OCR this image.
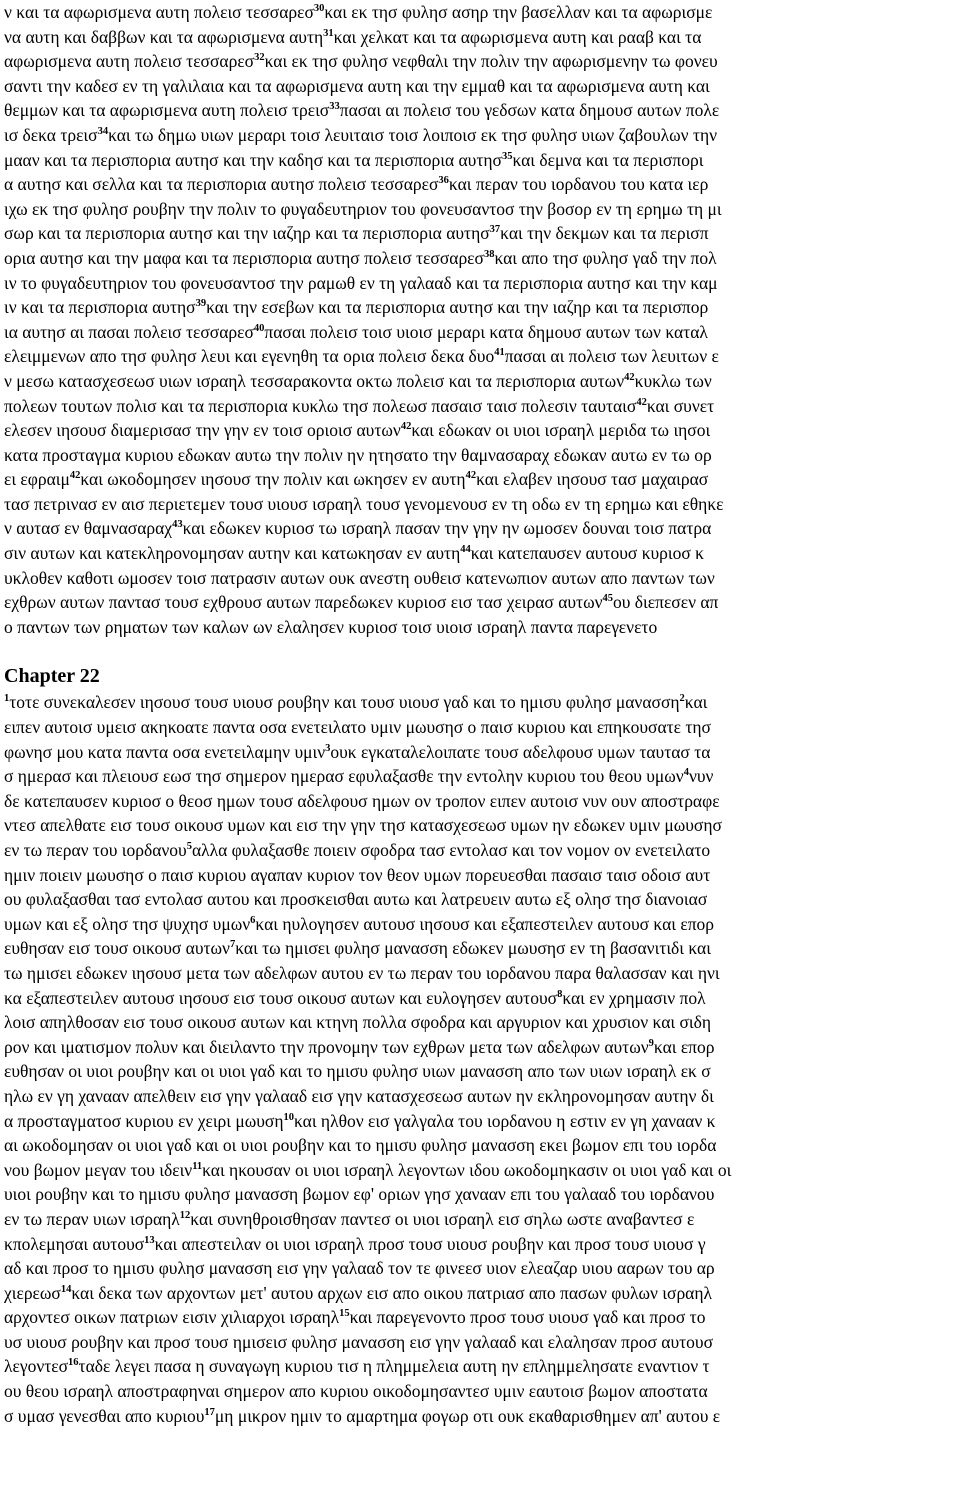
ν και τα αφωρισμενα αυτη πολεισ τεσσαρεσ$^{30}$και εκ τησ φυλησ ασηρ την βασελλαν και τα αφωρισμε
να αυτη και δαββων και τα αφωρισμενα αυτη$^{31}$και χελκατ και τα αφωρισμενα αυτη και ρααβ και τα
αφωρισμενα αυτη πολεισ τεσσαρεσ$^{32}$και εκ τησ φυλησ νεφθαλι την πολιν την αφωρισμενην τω φονευ
σαντι την καδεσ εν τη γαλιλαια και τα αφωρισμενα αυτη και την εμμαθ και τα αφωρισμενα αυτη και
θεμμων και τα αφωρισμενα αυτη πολεισ τρεισ$^{33}$πασαι αι πολεισ του γεδσων κατα δημουσ αυτων πολε
ισ δεκα τρεισ$^{34}$και τω δημω υιων μεραρι τοισ λευιταισ τοισ λοιποισ εκ τησ φυλησ υιων ζαβουλων την
μααν και τα περισπορια αυτησ και την καδησ και τα περισπορια αυτησ$^{35}$και δεμνα και τα περισπορι
α αυτησ και σελλα και τα περισπορια αυτησ πολεισ τεσσαρεσ$^{36}$και περαν του ιορδανου του κατα ιερ
ιχω εκ τησ φυλησ ρουβην την πολιν το φυγαδευτηριον του φονευσαντοσ την βοσορ εν τη ερημω τη μι
σωρ και τα περισπορια αυτησ και την ιαζηρ και τα περισπορια αυτησ$^{37}$και την δεκμων και τα περισπ
ορια αυτησ και την μαφα και τα περισπορια αυτησ πολεισ τεσσαρεσ$^{38}$και απο τησ φυλησ γαδ την πολ
ιν το φυγαδευτηριον του φονευσαντοσ την ραμωθ εν τη γαλααδ και τα περισπορια αυτησ και την καμ
ιν και τα περισπορια αυτησ$^{39}$και την εσεβων και τα περισπορια αυτησ και την ιαζηρ και τα περισπορ
ια αυτησ αι πασαι πολεισ τεσσαρεσ$^{40}$πασαι πολεισ τοισ υιοισ μεραρι κατα δημουσ αυτων των καταλ
ελειμμενων απο τησ φυλησ λευι και εγενηθη τα ορια πολεισ δεκα δυο$^{41}$πασαι αι πολεισ των λευιτων ε
ν μεσω κατασχεσεωσ υιων ισραηλ τεσσαρακοντα οκτω πολεισ και τα περισπορια αυτων$^{42}$κυκλω των
πολεων τουτων πολισ και τα περισπορια κυκλω τησ πολεωσ πασαισ ταισ πολεσιν ταυταισ$^{42}$και συνετ
ελεσεν ιησουσ διαμερισασ την γην εν τοισ οριοισ αυτων$^{42}$και εδωκαν οι υιοι ισραηλ μεριδα τω ιησοι
κατα προσταγμα κυριου εδωκαν αυτω την πολιν ην ητησατο την θαμνασαραχ εδωκαν αυτω εν τω ορ
ει εφραιμ$^{42}$και ωκοδομησεν ιησουσ την πολιν και ωκησεν εν αυτη$^{42}$και ελαβεν ιησουσ τασ μαχαιρασ
τασ πετρινασ εν αισ περιετεμεν τουσ υιουσ ισραηλ τουσ γενομενουσ εν τη οδω εν τη ερημω και εθηκε
ν αυτασ εν θαμνασαραχ$^{43}$και εδωκεν κυριοσ τω ισραηλ πασαν την γην ην ωμοσεν δουναι τοισ πατρα
σιν αυτων και κατεκληρονομησαν αυτην και κατωκησαν εν αυτη$^{44}$και κατεπαυσεν αυτουσ κυριοσ κ
υκλοθεν καθοτι ωμοσεν τοισ πατρασιν αυτων ουκ ανεστη ουθεισ κατενωπιον αυτων απο παντων των
εχθρων αυτων παντασ τουσ εχθρουσ αυτων παρεδωκεν κυριοσ εισ τασ χειρασ αυτων$^{45}$ου διεπεσεν απ
ο παντων των ρηματων των καλων ων ελαλησεν κυριοσ τοισ υιοισ ισραηλ παντα παρεγενετο
Chapter 22
$^1$τοτε συνεκαλεσεν ιησουσ τουσ υιουσ ρουβην και τουσ υιουσ γαδ και το ημισυ φυλησ μανασση$^2$και
ειπεν αυτοισ υμεισ ακηκοατε παντα οσα ενετειλατο υμιν μωυσησ ο παισ κυριου και επηκουσατε τησ
φωνησ μου κατα παντα οσα ενετειλαμην υμιν$^3$ουκ εγκαταλελοιπατε τουσ αδελφουσ υμων ταυτασ τα
σ ημερασ και πλειουσ εωσ τησ σημερον ημερασ εφυλαξασθε την εντολην κυριου του θεου υμων$^4$νυν
δε κατεπαυσεν κυριοσ ο θεοσ ημων τουσ αδελφουσ ημων ον τροπον ειπεν αυτοισ νυν ουν αποστραφε
ντεσ απελθατε εισ τουσ οικουσ υμων και εισ την γην τησ κατασχεσεωσ υμων ην εδωκεν υμιν μωυσησ
εν τω περαν του ιορδανου$^5$αλλα φυλαξασθε ποιειν σφοδρα τασ εντολασ και τον νομον ον ενετειλατο
ημιν ποιειν μωυσησ ο παισ κυριου αγαπαν κυριον τον θεον υμων πορευεσθαι πασαισ ταισ οδοισ αυτ
ου φυλαξασθαι τασ εντολασ αυτου και προσκεισθαι αυτω και λατρευειν αυτω εξ ολησ τησ διανοιασ
υμων και εξ ολησ τησ ψυχησ υμων$^6$και ηυλογησεν αυτουσ ιησουσ και εξαπεστειλεν αυτουσ και επορ
ευθησαν εισ τουσ οικουσ αυτων$^7$και τω ημισει φυλησ μανασση εδωκεν μωυσησ εν τη βασανιτιδι και
τω ημισει εδωκεν ιησουσ μετα των αδελφων αυτου εν τω περαν του ιορδανου παρα θαλασσαν και ηνι
κα εξαπεστειλεν αυτουσ ιησουσ εισ τουσ οικουσ αυτων και ευλογησεν αυτουσ$^8$και εν χρημασιν πολ
λοισ απηλθοσαν εισ τουσ οικουσ αυτων και κτηνη πολλα σφοδρα και αργυριον και χρυσιον και σιδη
ρον και ιματισμον πολυν και διειλαντο την προνομην των εχθρων μετα των αδελφων αυτων$^9$και επορ
ευθησαν οι υιοι ρουβην και οι υιοι γαδ και το ημισυ φυλησ υιων μανασση απο των υιων ισραηλ εκ σ
ηλω εν γη χανααν απελθειν εισ γην γαλααδ εισ γην κατασχεσεωσ αυτων ην εκληρονομησαν αυτην δι
α προσταγματοσ κυριου εν χειρι μωυση$^{10}$και ηλθον εισ γαλγαλα του ιορδανου η εστιν εν γη χανααν κ
αι ωκοδομησαν οι υιοι γαδ και οι υιοι ρουβην και το ημισυ φυλησ μανασση εκει βωμον επι του ιορδα
νου βωμον μεγαν του ιδειν$^{11}$και ηκουσαν οι υιοι ισραηλ λεγοντων ιδου ωκοδομηκασιν οι υιοι γαδ και οι
υιοι ρουβην και το ημισυ φυλησ μανασση βωμον εφ' οριων γησ χανααν επι του γαλααδ του ιορδανου
εν τω περαν υιων ισραηλ$^{12}$και συνηθροισθησαν παντεσ οι υιοι ισραηλ εισ σηλω ωστε αναβαντεσ ε
κπολεμησαι αυτουσ$^{13}$και απεστειλαν οι υιοι ισραηλ προσ τουσ υιουσ ρουβην και προσ τουσ υιουσ γ
αδ και προσ το ημισυ φυλησ μανασση εισ γην γαλααδ τον τε φινεεσ υιον ελεαζαρ υιου ααρων του αρ
χιερεωσ$^{14}$και δεκα των αρχοντων μετ' αυτου αρχων εισ απο οικου πατριασ απο πασων φυλων ισραηλ
αρχοντεσ οικων πατριων εισιν χιλιαρχοι ισραηλ$^{15}$και παρεγενοντο προσ τουσ υιουσ γαδ και προσ το
υσ υιουσ ρουβην και προσ τουσ ημισεισ φυλησ μανασση εισ γην γαλααδ και ελαλησαν προσ αυτουσ
λεγοντεσ$^{16}$ταδε λεγει πασα η συναγωγη κυριου τισ η πλημμελεια αυτη ην επλημμελησατε εναντιον τ
ου θεου ισραηλ αποστραφηναι σημερον απο κυριου οικοδομησαντεσ υμιν εαυτοισ βωμον αποστατα
σ υμασ γενεσθαι απο κυριου$^{17}$μη μικρον ημιν το αμαρτημα φογωρ οτι ουκ εκαθαρισθημεν απ' αυτου ε
